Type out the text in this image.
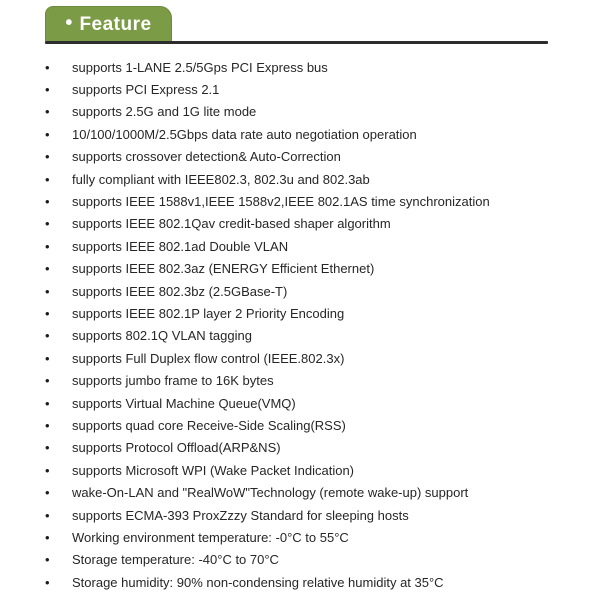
• Feature
•	supports 1-LANE 2.5/5Gps PCI Express bus
•	supports PCI Express 2.1
•	supports 2.5G and 1G lite mode
•	10/100/1000M/2.5Gbps data rate auto negotiation operation
•	supports crossover detection& Auto-Correction
•	fully compliant with IEEE802.3, 802.3u and 802.3ab
•	supports IEEE 1588v1,IEEE 1588v2,IEEE 802.1AS time synchronization
•	supports IEEE 802.1Qav credit-based shaper algorithm
•	supports IEEE 802.1ad Double VLAN
•	supports IEEE 802.3az (ENERGY Efficient Ethernet)
•	supports IEEE 802.3bz (2.5GBase-T)
•	supports IEEE 802.1P layer 2 Priority Encoding
•	supports 802.1Q VLAN tagging
•	supports Full Duplex flow control (IEEE.802.3x)
•	supports jumbo frame to 16K bytes
•	supports Virtual Machine Queue(VMQ)
•	supports quad core Receive-Side Scaling(RSS)
•	supports Protocol Offload(ARP&NS)
•	supports Microsoft WPI (Wake Packet Indication)
•	wake-On-LAN and "RealWoW"Technology (remote wake-up) support
•	supports ECMA-393 ProxZzzy Standard for sleeping hosts
•	Working environment temperature: -0°C to 55°C
•	Storage temperature: -40°C to 70°C
•	Storage humidity: 90% non-condensing relative humidity at 35°C
